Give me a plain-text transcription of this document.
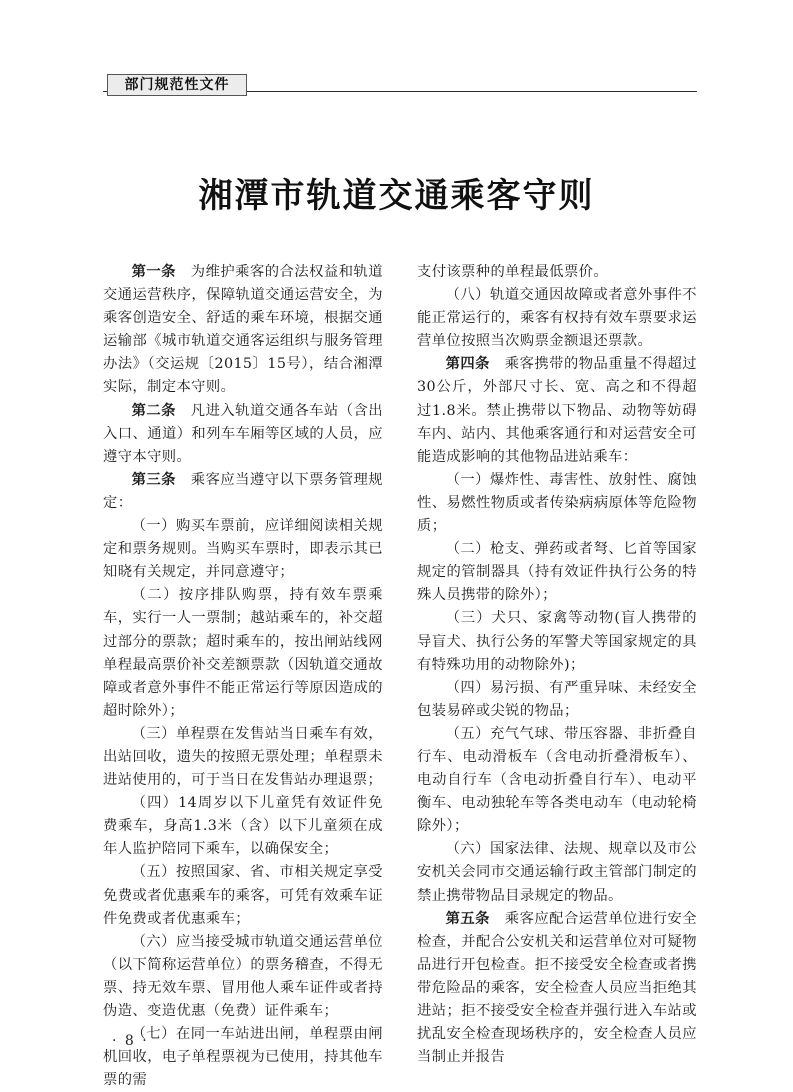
部门规范性文件
湘潭市轨道交通乘客守则

第一条　 为维护乘客的合法权益和轨道交通运营秩序，保障轨道交通运营安全，为乘客创造安全、舒适的乘车环境，根据交通运输部《城市轨道交通客运组织与服务管理办法》（交运规〔2015〕15号），结合湘潭实际，制定本守则。

第二条　 凡进入轨道交通各车站（含出入口、通道）和列车车厢等区域的人员，应遵守本守则。

第三条　 乘客应当遵守以下票务管理规定：

（一）购买车票前，应详细阅读相关规定和票务规则。当购买车票时，即表示其已知晓有关规定，并同意遵守；

（二）按序排队购票，持有效车票乘车，实行一人一票制；越站乘车的，补交超过部分的票款；超时乘车的，按出闸站线网单程最高票价补交差额票款（因轨道交通故障或者意外事件不能正常运行等原因造成的超时除外）；

（三）单程票在发售站当日乘车有效，出站回收，遗失的按照无票处理；单程票未进站使用的，可于当日在发售站办理退票；

（四）14周岁以下儿童凭有效证件免费乘车，身高1.3米（含）以下儿童须在成年人监护陪同下乘车，以确保安全；

（五）按照国家、省、市相关规定享受免费或者优惠乘车的乘客，可凭有效乘车证件免费或者优惠乘车；

（六）应当接受城市轨道交通运营单位（以下简称运营单位）的票务稽查，不得无票、持无效车票、冒用他人乘车证件或者持伪造、变造优惠（免费）证件乘车；

（七）在同一车站进出闸，单程票由闸机回收，电子单程票视为已使用，持其他车票的需

支付该票种的单程最低票价。

（八）轨道交通因故障或者意外事件不能正常运行的，乘客有权持有效车票要求运营单位按照当次购票金额退还票款。

第四条　 乘客携带的物品重量不得超过30公斤，外部尺寸长、宽、高之和不得超过1.8米。禁止携带以下物品、动物等妨碍车内、站内、其他乘客通行和对运营安全可能造成影响的其他物品进站乘车：

（一）爆炸性、毒害性、放射性、腐蚀性、易燃性物质或者传染病病原体等危险物质；

（二）枪支、弹药或者弩、匕首等国家规定的管制器具（持有效证件执行公务的特殊人员携带的除外）；

（三）犬只、家禽等动物(盲人携带的导盲犬、执行公务的军警犬等国家规定的具有特殊功用的动物除外)；

（四）易污损、有严重异味、未经安全包装易碎或尖锐的物品；

（五）充气气球、带压容器、非折叠自行车、电动滑板车（含电动折叠滑板车）、电动自行车（含电动折叠自行车）、电动平衡车、电动独轮车等各类电动车（电动轮椅除外）；

（六）国家法律、法规、规章以及市公安机关会同市交通运输行政主管部门制定的禁止携带物品目录规定的物品。

第五条　 乘客应配合运营单位进行安全检查，并配合公安机关和运营单位对可疑物品进行开包检查。拒不接受安全检查或者携带危险品的乘客，安全检查人员应当拒绝其进站；拒不接受安全检查并强行进入车站或扰乱安全检查现场秩序的，安全检查人员应当制止并报告

· 8 ·
